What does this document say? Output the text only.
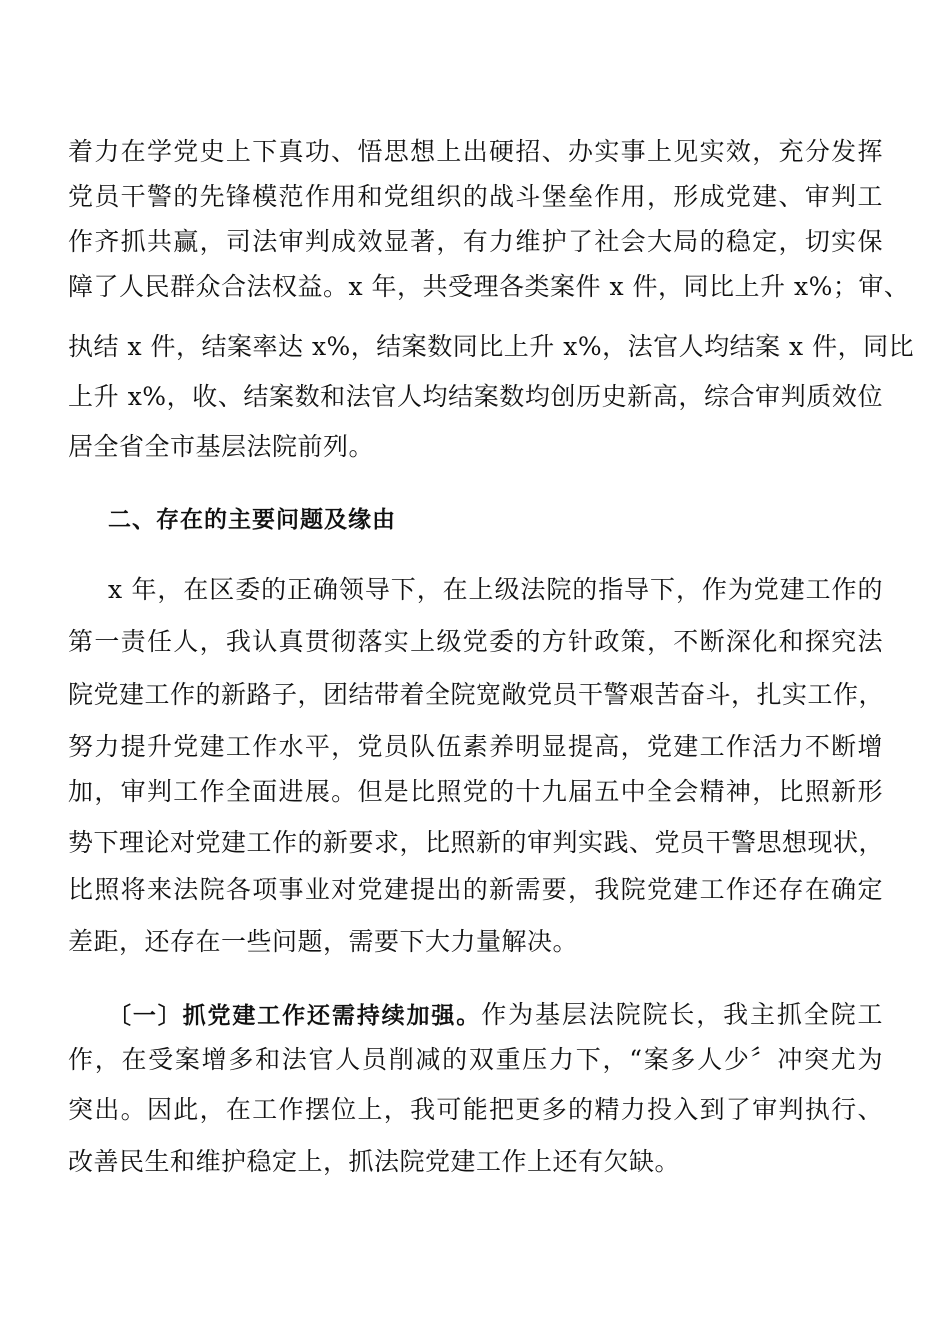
着力在学党史上下真功、悟思想上出硬招、办实事上见实效，充分发挥
党员干警的先锋模范作用和党组织的战斗堡垒作用，形成党建、审判工
作齐抓共赢，司法审判成效显著，有力维护了社会大局的稳定，切实保
障了人民群众合法权益。x 年，共受理各类案件 x 件，同比上升 x%；审、
执结 x 件，结案率达 x%，结案数同比上升 x%，法官人均结案 x 件，同比
上升 x%，收、结案数和法官人均结案数均创历史新高，综合审判质效位
居全省全市基层法院前列。
二、存在的主要问题及缘由
x 年，在区委的正确领导下，在上级法院的指导下，作为党建工作的
第一责任人，我认真贯彻落实上级党委的方针政策，不断深化和探究法
院党建工作的新路子，团结带着全院宽敞党员干警艰苦奋斗，扎实工作，
努力提升党建工作水平，党员队伍素养明显提高，党建工作活力不断增
加，审判工作全面进展。但是比照党的十九届五中全会精神，比照新形
势下理论对党建工作的新要求，比照新的审判实践、党员干警思想现状，
比照将来法院各项事业对党建提出的新需要，我院党建工作还存在确定
差距，还存在一些问题，需要下大力量解决。
〔一〕抓党建工作还需持续加强。作为基层法院院长，我主抓全院工
作，在受案增多和法官人员削减的双重压力下，“案多人少〞冲突尤为
突出。因此，在工作摆位上，我可能把更多的精力投入到了审判执行、
改善民生和维护稳定上，抓法院党建工作上还有欠缺。
